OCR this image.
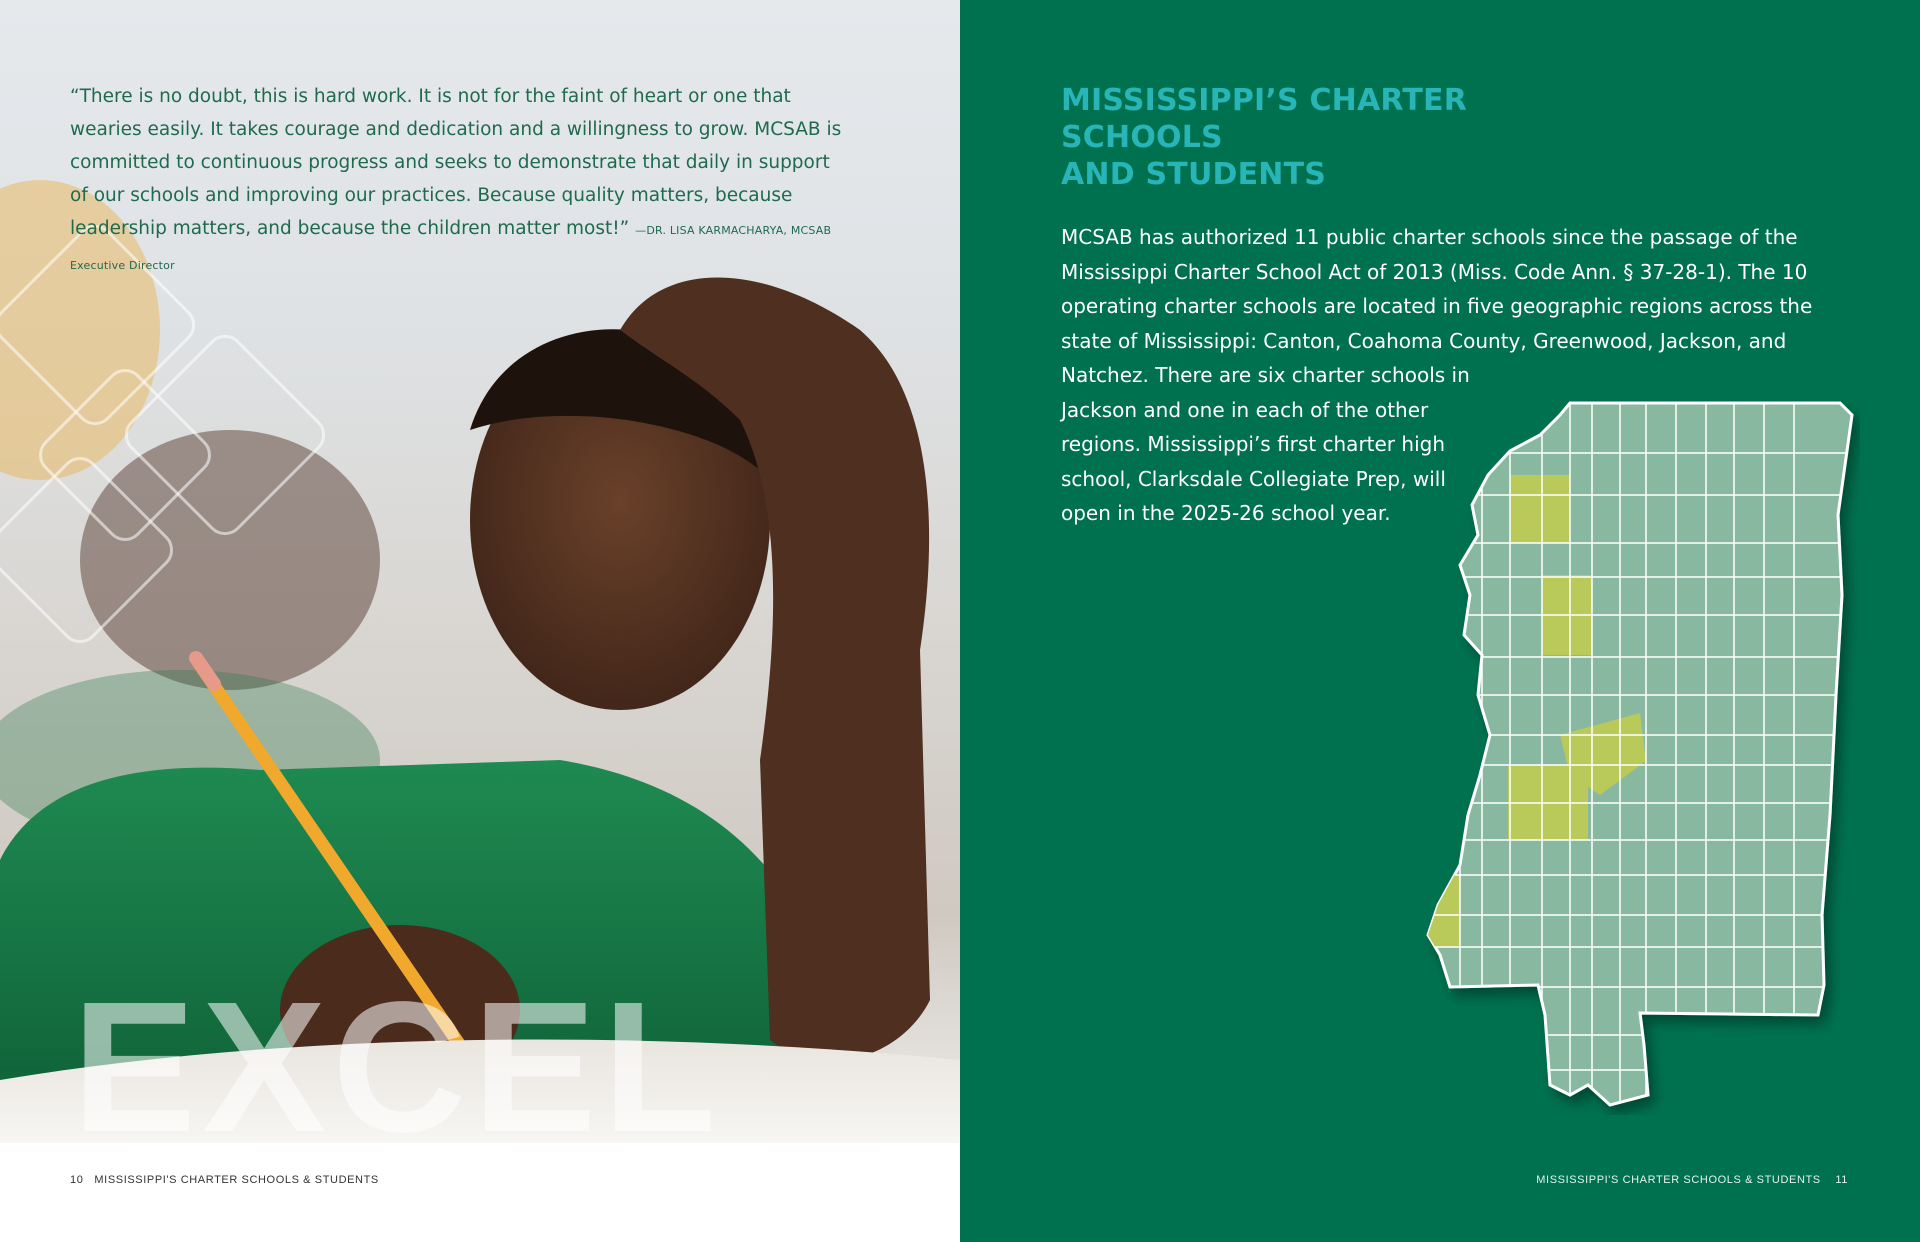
“There is no doubt, this is hard work. It is not for the faint of heart or one that wearies easily. It takes courage and dedication and a willingness to grow. MCSAB is committed to continuous progress and seeks to demonstrate that daily in support of our schools and improving our practices. Because quality matters, because leadership matters, and because the children matter most!” —DR. LISA KARMACHARYA, MCSAB Executive Director
EXCEL
10 MISSISSIPPI'S CHARTER SCHOOLS & STUDENTS
MISSISSIPPI’S CHARTER SCHOOLS
AND STUDENTS
MCSAB has authorized 11 public charter schools since the passage of the
Mississippi Charter School Act of 2013 (Miss. Code Ann. § 37-28-1). The 10
operating charter schools are located in five geographic regions across the
state of Mississippi: Canton, Coahoma County, Greenwood, Jackson, and
Natchez. There are six charter schools in
Jackson and one in each of the other
regions. Mississippi’s first charter high
school, Clarksdale Collegiate Prep, will
open in the 2025-26 school year.
MISSISSIPPI'S CHARTER SCHOOLS & STUDENTS 11
